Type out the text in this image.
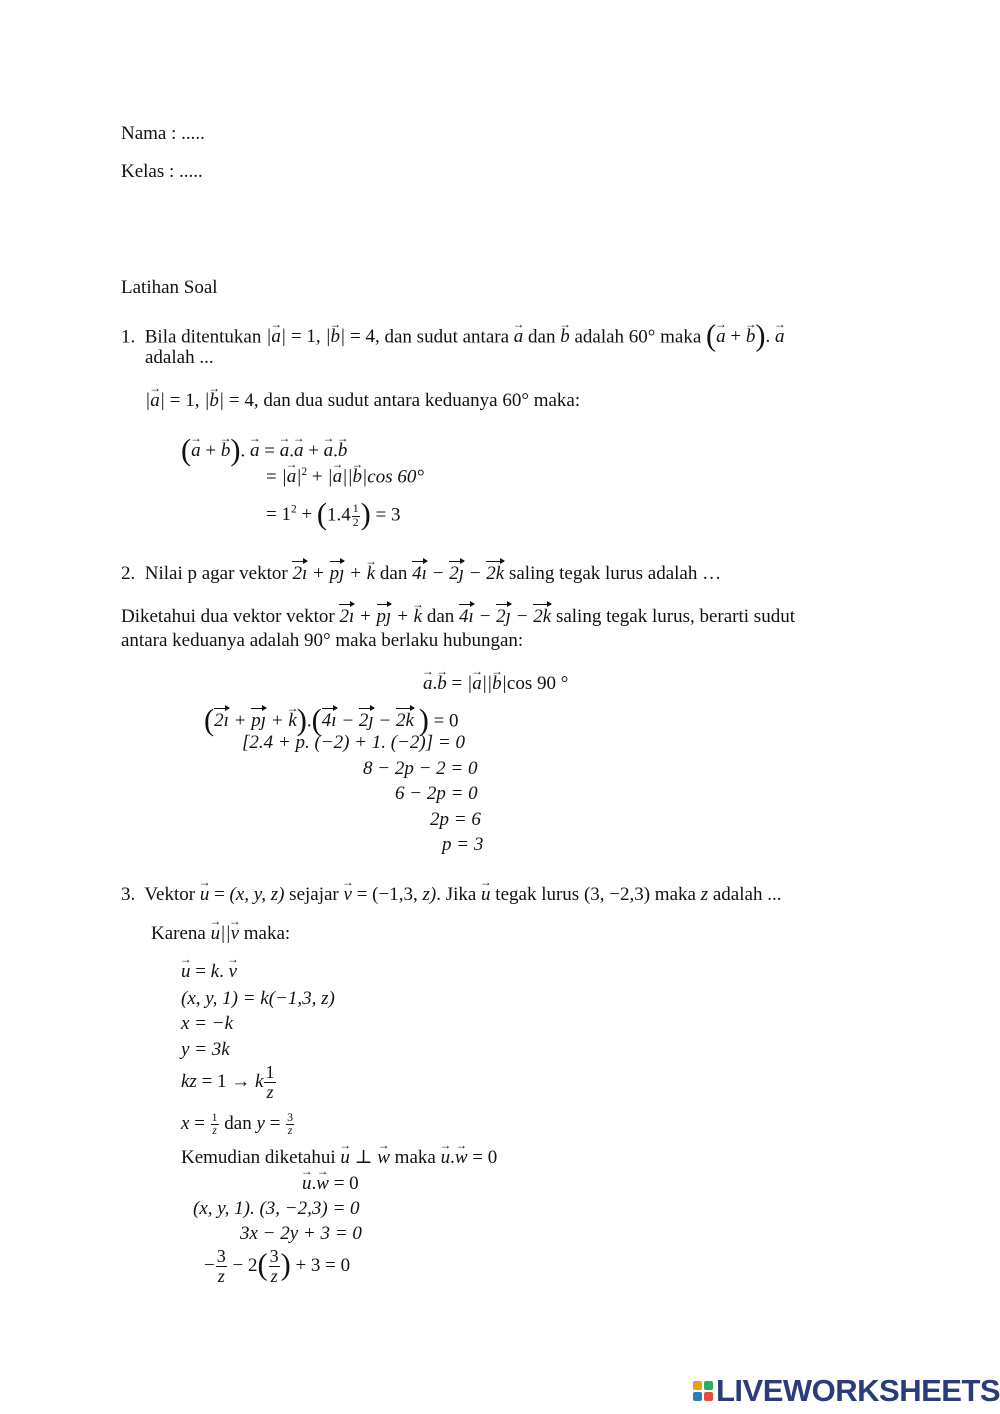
Nama : .....
Kelas : .....
Latihan Soal
1. Bila ditentukan |→ a| = 1, |→ b| = 4, dan sudut antara → a dan → b adalah 60° maka (→ a + → b). → a
adalah ...
|→ a| = 1, |→ b| = 4, dan dua sudut antara keduanya 60° maka:
(→ a + → b). → a = → a.→ a + → a.→ b
= |→ $a|^2$ + |→ a||→ b|cos 60°
= $1^2 + (1.4 \frac{1}{2}$ ) = 3
2. Nilai p agar vektor 2ı + pȷ + → k dan 4ı − 2ȷ − 2k saling tegak lurus adalah …
Diketahui dua vektor vektor 2ı + pȷ + → k dan 4ı − 2ȷ − 2k saling tegak lurus, berarti sudut
antara keduanya adalah 90° maka berlaku hubungan:
→ a.→ b = |→ a||→ b|cos 90 °
(2ı + pȷ + → k).(4ı − 2ȷ − 2k ) = 0
[2.4 + p. (−2) + 1. (−2)] = 0
8 − 2p − 2 = 0
6 − 2p = 0
2p = 6
p = 3
3. Vektor → u = (x, y, z) sejajar → v = (−1,3, z). Jika → u tegak lurus (3, −2,3) maka z adalah ...
Karena → u||→ v maka:
→ u = k. → v
(x, y, 1) = k(−1,3, z)
x = −k
y = 3k
kz = 1 → k $\frac{1}{z}$
$x = \frac{1}{z}$ dan $y = \frac{3}{z}$
Kemudian diketahui → u ⊥ → w maka → u.→ w = 0
→ u.→ w = 0
(x, y, 1). (3, −2,3) = 0
3x − 2y + 3 = 0
− $\frac{3}{z} - 2( \frac{3}{z}$ ) + 3 = 0
LIVEWORKSHEETS
